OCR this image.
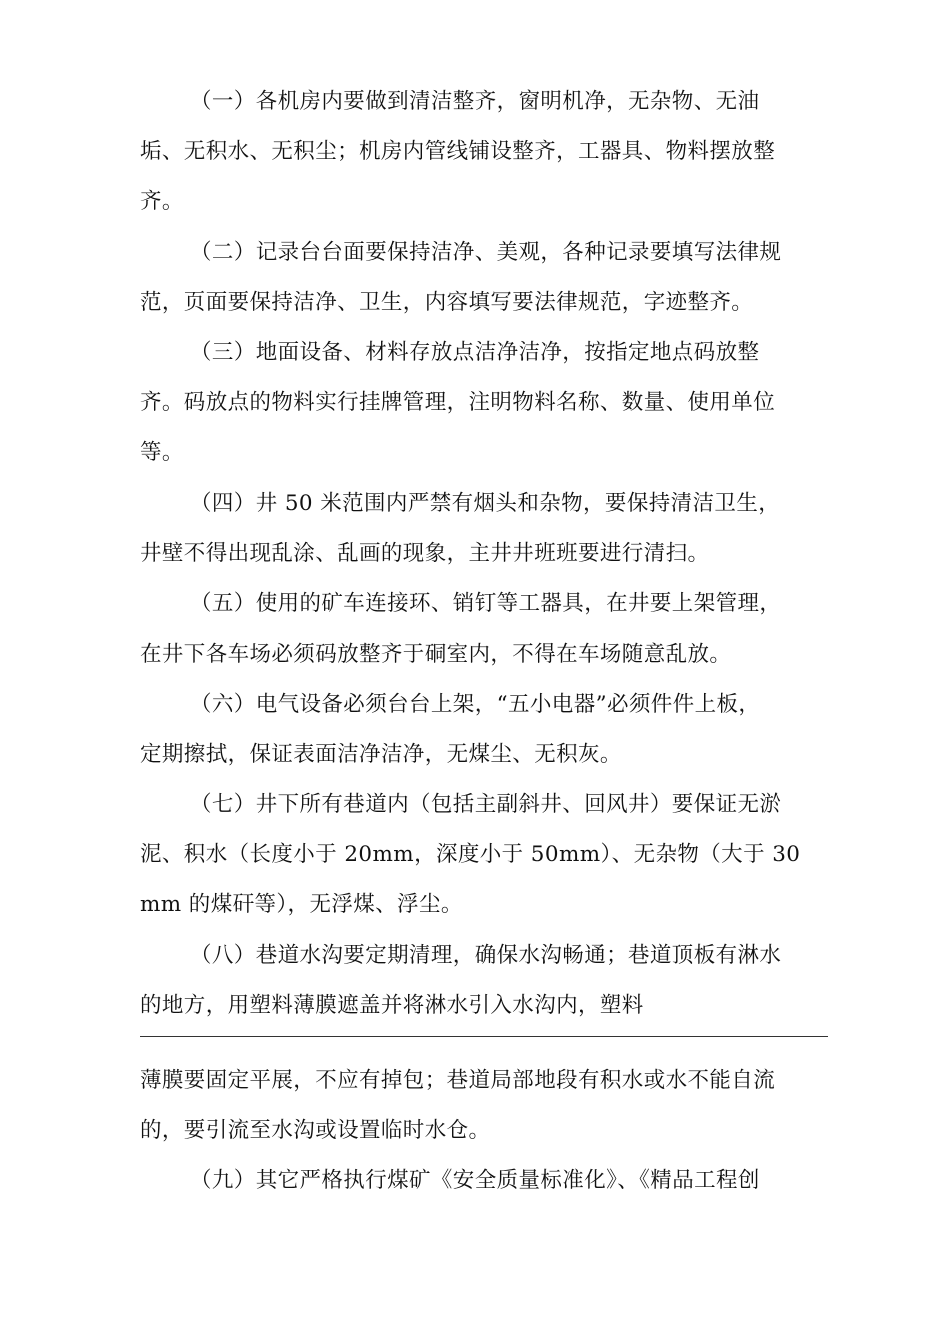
（一）各机房内要做到清洁整齐，窗明机净，无杂物、无油
垢、无积水、无积尘；机房内管线铺设整齐，工器具、物料摆放整
齐。
（二）记录台台面要保持洁净、美观，各种记录要填写法律规
范，页面要保持洁净、卫生，内容填写要法律规范，字迹整齐。
（三）地面设备、材料存放点洁净洁净，按指定地点码放整
齐。码放点的物料实行挂牌管理，注明物料名称、数量、使用单位
等。
（四）井 50 米范围内严禁有烟头和杂物，要保持清洁卫生，
井壁不得出现乱涂、乱画的现象，主井井班班要进行清扫。
（五）使用的矿车连接环、销钉等工器具，在井要上架管理，
在井下各车场必须码放整齐于硐室内，不得在车场随意乱放。
（六）电气设备必须台台上架，“五小电器”必须件件上板，
定期擦拭，保证表面洁净洁净，无煤尘、无积灰。
（七）井下所有巷道内（包括主副斜井、回风井）要保证无淤
泥、积水（长度小于 20mm，深度小于 50mm）、无杂物（大于 30
mm 的煤矸等），无浮煤、浮尘。
（八）巷道水沟要定期清理，确保水沟畅通；巷道顶板有淋水
的地方，用塑料薄膜遮盖并将淋水引入水沟内，塑料
薄膜要固定平展，不应有掉包；巷道局部地段有积水或水不能自流
的，要引流至水沟或设置临时水仓。
（九）其它严格执行煤矿《安全质量标准化》、《精品工程创
